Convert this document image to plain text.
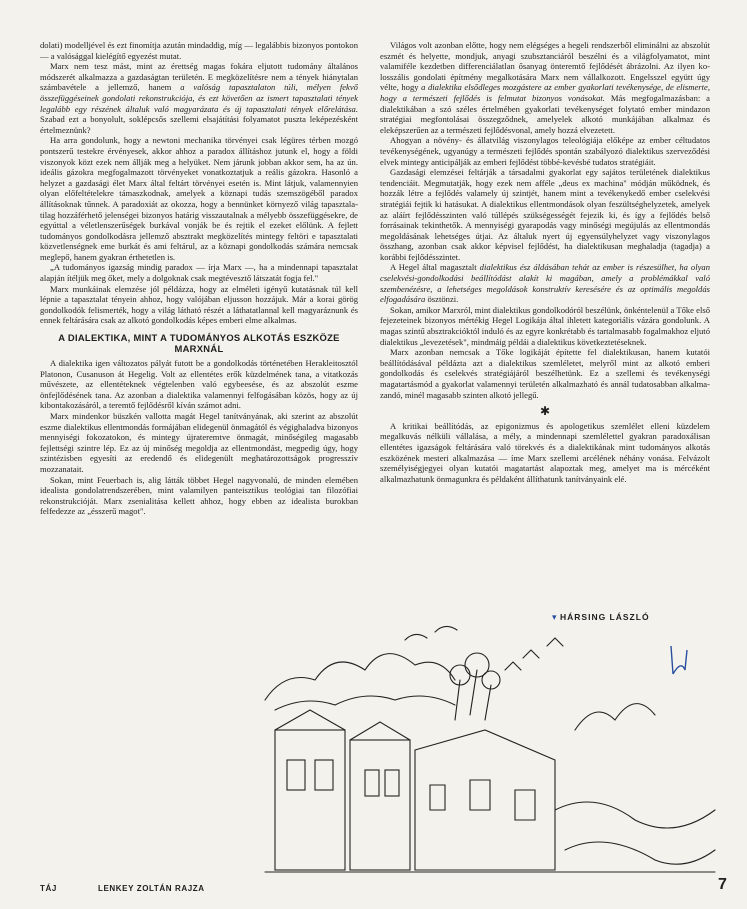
dolati) modelljével és ezt finomítja azután mindaddig, míg — legalábbis bizonyos pontokon — a valósággal kielégítő egyezést mutat.

Marx nem tesz mást, mint az érettség magas fokára eljutott tudomány általános módszerét alkalmazza a gazdaságtan területén. E megközelítésre nem a tények hiánytalan számbavétele a jellemző, hanem a valóság tapasztalaton túli, mélyen fekvő összefüggéseinek gondolati rekonstrukciója, és ezt követően az ismert tapasztalati tények legalább egy részének általuk való magyarázata és új tapasztalati tények előrelátása. Szabad ezt a bonyolult, soklépcsős szellemi elsajátítási folyamatot puszta leképezésként értelmeznünk?

Ha arra gondolunk, hogy a newtoni mechanika törvényei csak légüres térben mozgó pontszerű testekre érvényesek, akkor ahhoz a paradox állításhoz jutunk el, hogy a földi viszonyok közt ezek nem állják meg a helyüket. Nem járunk jobban akkor sem, ha az ún. ideális gázokra megfogalmazott törvényeket vonatkoztatjuk a reális gázokra. Hasonló a helyzet a gazdasági élet Marx által feltárt törvényei esetén is. Mint látjuk, valamennyien olyan előfeltételekre támaszkodnak, amelyek a köznapi tudás szemszögéből paradox állításoknak tűnnek. A paradoxiát az okozza, hogy a bennünket környező világ tapasztalatilag hozzáférhető jelenségei bizonyos határig visszautalnak a mélyebb összefüggésekre, de egyúttal a véletlenszerűségek burkával vonják be és rejtik el ezeket előlünk. A fejlett tudományos gondolkodásra jellemző absztrakt megközelítés mintegy feltöri e tapasztalati közvetlenségnek eme burkát és ami feltárul, az a köznapi gondolkodás számára nemcsak meglepő, hanem gyakran érthetetlen is.

„A tudományos igazság mindig paradox — írja Marx —, ha a mindennapi tapasztalat alapján ítéljük meg őket, mely a dolgoknak csak megtévesztő látszatát fogja fel."

Marx munkáinak elemzése jól példázza, hogy az elméleti igényű kutatásnak túl kell lépnie a tapasztalat tényein ahhoz, hogy valójában eljusson hozzájuk. Már a korai görög gondolkodók felismerték, hogy a világ látható részét a láthatatlannal kell magyaráznunk és ennek feltárására csak az alkotó gondolkodás képes emberi elme alkalmas.

A DIALEKTIKA, MINT A TUDOMÁNYOS ALKOTÁS ESZKÖZE MARXNÁL

A dialektika igen változatos pályát futott be a gondolkodás történetében Herakleitosztól Platonon, Cusanuson át Hegelig. Volt az ellentétes erők küzdelmének tana, a vitatkozás művészete, az ellentéteknek végtelenben való egybeesése, és az abszolút eszme önfejlődésének tana. Az azonban a dialektika valamennyi felfogásában közös, hogy az új kibontakozásáról, a teremtő fejlődésről kíván számot adni.

Marx mindenkor büszkén vallotta magát Hegel tanítványának, aki szerint az abszolút eszme dialektikus ellentmondás formájában elidegenül önmagától és végighaladva bizonyos mennyiségi fokozatokon, és mintegy újrateremtve önmagát, minőségileg magasabb fejlettségi szintre lép. Ez az új minőség megoldja az ellentmondást, megpedig úgy, hogy szintézisben egyesíti az eredendő és elidegenült meghatározottságok progresszív mozzanatait.

Sokan, mint Feuerbach is, alig látták többet Hegel nagyvonalú, de minden elemében idealista gondolatrendszerében, mint valamilyen panteisztikus teológiai tan filozófiai rekonstrukcióját. Marx zsenialitása kellett ahhoz, hogy ebben az idealista burokban felfedezze az „ésszerű magot".

Világos volt azonban előtte, hogy nem elégséges a hegeli rendszerből eliminálni az abszolút eszmét és helyette, mondjuk, anyagi szubsztanciáról beszélni és a világfolyamatot, mint valamiféle kezdetben differenciálatlan ősanyag önteremtő fejlődését ábrázolni. Az ilyen kolosszális gondolati építmény megalkotására Marx nem vállalkozott. Engelsszel együtt úgy vélte, hogy a dialektika elsődleges mozgástere az ember gyakorlati tevékenysége, de elismerte, hogy a természeti fejlődés is felmutat bizonyos vonásokat. Más megfogalmazásban: a dialektikában a szó széles értelmében gyakorlati tevékenységet folytató ember mindazon stratégiai megfontolásai összegződnek, amelyelek alkotó munkájában alkalmaz és eleképszerűen az a természeti fejlődésvonal, amely hozzá elvezetett.

Ahogyan a növény- és állatvilág viszonylagos teleológiája előképe az ember céltudatos tevékenységének, ugyanúgy a természeti fejlődés spontán szabályozó dialektikus szerveződési elvek mintegy anticipálják az emberi fejlődést többé-kevésbé tudatos stratégiáit.

Gazdasági elemzései feltárják a társadalmi gyakorlat egy sajátos területének dialektikus tendenciáit. Megmutatják, hogy ezek nem afféle „deus ex machina" módján működnek, és hozzák létre a fejlődés valamely új szintjét, hanem mint a tevékenykedő ember cselekvési stratégiái fejtik ki hatásukat. A dialektikus ellentmondások olyan feszültséghelyzetek, amelyek az aláírt fejlődésszinten való túllépés szükségességét fejezik ki, és így a fejlődés belső forrásainak tekinthetők. A mennyiségi gyarapodás vagy minőségi megújulás az ellentmondás megoldásának lehetséges útjai. Az általuk nyert új egyensúlyhelyzet vagy viszonylagos összhang, azonban csak akkor képvisel fejlődést, ha dialektikusan meghaladja (tagadja) a korábbi fejlődésszintet.

A Hegel által magasztalt dialektikus ész áldásában tehát az ember is részesülhet, ha olyan cselekvési-gondolkodási beállítódást alakít ki magában, amely a problémákkal való szembenézésre, a lehetséges megoldások konstruktív keresésére és az optimális megoldás elfogadására ösztönzi.

Sokan, amikor Marxról, mint dialektikus gondolkodóról beszélünk, önkéntelenül a Tőke első fejezeteinek bizonyos mértékig Hegel Logikája által ihletett kategoriális vázára gondolunk. A magas szintű absztrakcióktól induló és az egyre konkrétabb és tartalmasabb fogalmakhoz eljutó dialektikus „levezetések", mindmáig példái a dialektikus következtetéseknek.

Marx azonban nemcsak a Tőke logikáját építette fel dialektikusan, hanem kutatói beállítódásával példázta azt a dialektikus szemléletet, melyről mint az alkotó emberi gondolkodás és cselekvés stratégiájáról beszélhetünk. Ez a szellemi és tevékenységi magatartásmód a gyakorlat valamennyi területén alkalmazható és annál tudatosabban alkalmazandó, minél magasabb szinten alkotó jellegű.

✱

A kritikai beállítódás, az epigonizmus és apologetikus szemlélet elleni küzdelem megalkuvás nélküli vállalása, a mély, a mindennapi szemlélettel gyakran paradoxálisan ellentétes igazságok feltárására való törekvés és a dialektikának mint tudományos alkotás eszközének mesteri alkalmazása — íme Marx szellemi arcélének néhány vonása. Felvázolt személyiségjegyei olyan kutatói magatartást alapoztak meg, amelyet ma is mércéként alkalmazhatunk önmagunkra és példaként állíthatunk tanítványaink elé.

▾ HÁRSING LÁSZLÓ
TÁJ	LENKEY ZOLTÁN RAJZA	7
